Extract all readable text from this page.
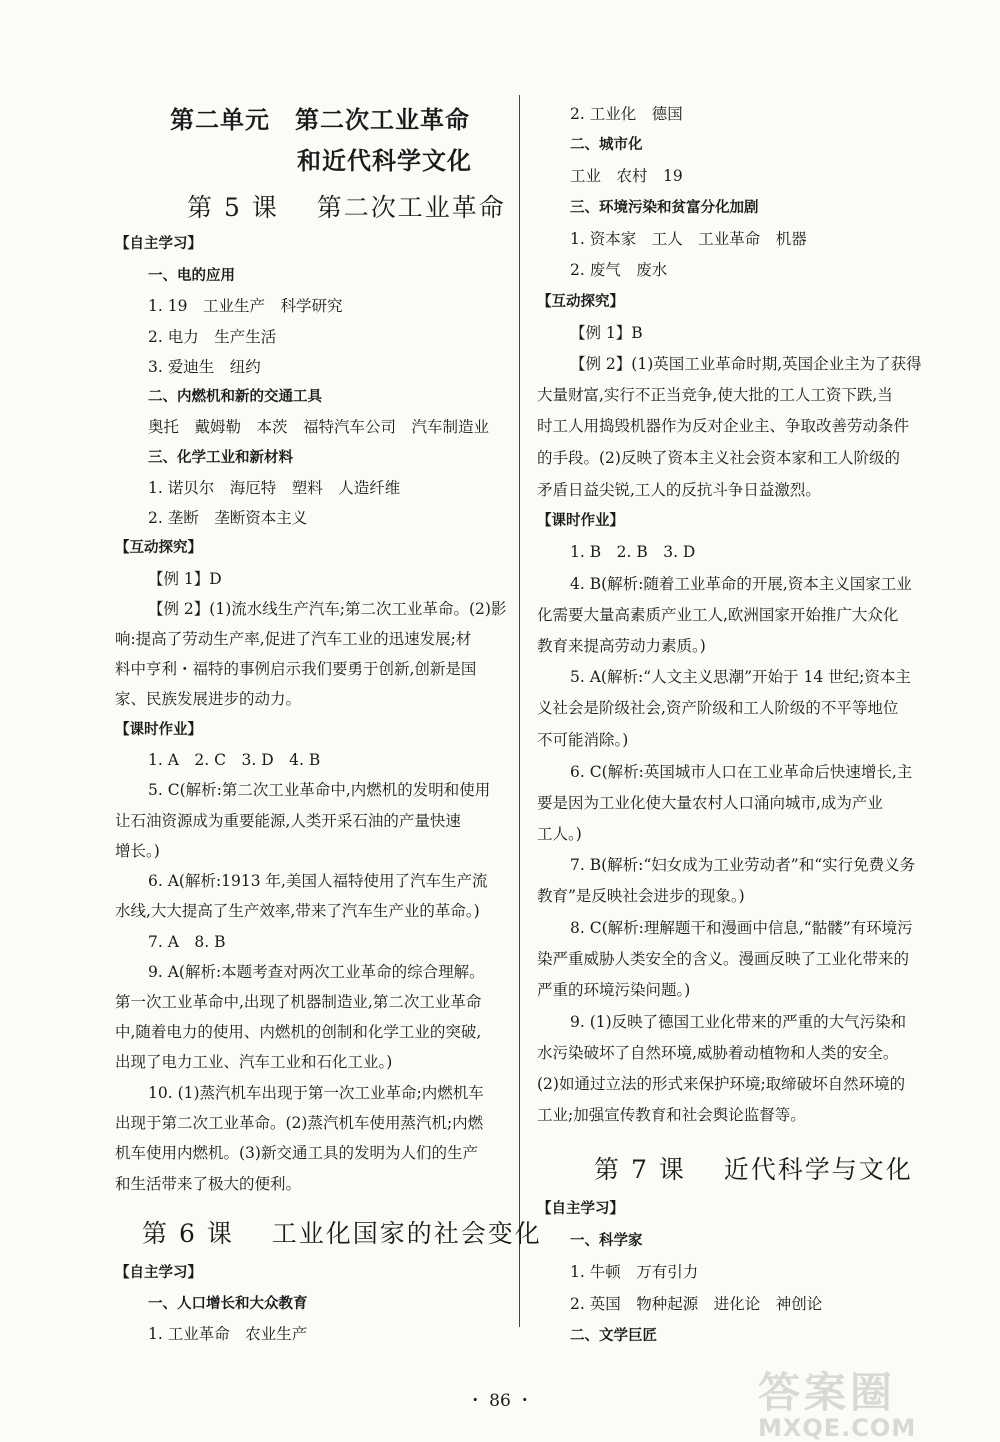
第二单元　第二次工业革命
和近代科学文化
第 5 课 第二次工业革命
第 6 课 工业化国家的社会变化
第 7 课 近代科学与文化
【自主学习】
一、电的应用
1. 19　工业生产　科学研究
2. 电力　生产生活
3. 爱迪生　纽约
二、内燃机和新的交通工具
奥托　戴姆勒　本茨　福特汽车公司　汽车制造业
三、化学工业和新材料
1. 诺贝尔　海厄特　塑料　人造纤维
2. 垄断　垄断资本主义
【互动探究】
【例 1】D
【例 2】(1)流水线生产汽车;第二次工业革命。(2)影
响:提高了劳动生产率,促进了汽车工业的迅速发展;材
料中亨利・福特的事例启示我们要勇于创新,创新是国
家、民族发展进步的动力。
【课时作业】
1. A　2. C　3. D　4. B
5. C(解析:第二次工业革命中,内燃机的发明和使用
让石油资源成为重要能源,人类开采石油的产量快速
增长。)
6. A(解析:1913 年,美国人福特使用了汽车生产流
水线,大大提高了生产效率,带来了汽车生产业的革命。)
7. A　8. B
9. A(解析:本题考查对两次工业革命的综合理解。
第一次工业革命中,出现了机器制造业,第二次工业革命
中,随着电力的使用、内燃机的创制和化学工业的突破,
出现了电力工业、汽车工业和石化工业。)
10. (1)蒸汽机车出现于第一次工业革命;内燃机车
出现于第二次工业革命。(2)蒸汽机车使用蒸汽机;内燃
机车使用内燃机。(3)新交通工具的发明为人们的生产
和生活带来了极大的便利。
【自主学习】
一、人口增长和大众教育
1. 工业革命　农业生产
2. 工业化　德国
二、城市化
工业　农村　19
三、环境污染和贫富分化加剧
1. 资本家　工人　工业革命　机器
2. 废气　废水
【互动探究】
【例 1】B
【例 2】(1)英国工业革命时期,英国企业主为了获得
大量财富,实行不正当竞争,使大批的工人工资下跌,当
时工人用捣毁机器作为反对企业主、争取改善劳动条件
的手段。(2)反映了资本主义社会资本家和工人阶级的
矛盾日益尖锐,工人的反抗斗争日益激烈。
【课时作业】
1. B　2. B　3. D
4. B(解析:随着工业革命的开展,资本主义国家工业
化需要大量高素质产业工人,欧洲国家开始推广大众化
教育来提高劳动力素质。)
5. A(解析:“人文主义思潮”开始于 14 世纪;资本主
义社会是阶级社会,资产阶级和工人阶级的不平等地位
不可能消除。)
6. C(解析:英国城市人口在工业革命后快速增长,主
要是因为工业化使大量农村人口涌向城市,成为产业
工人。)
7. B(解析:“妇女成为工业劳动者”和“实行免费义务
教育”是反映社会进步的现象。)
8. C(解析:理解题干和漫画中信息,“骷髅”有环境污
染严重威胁人类安全的含义。漫画反映了工业化带来的
严重的环境污染问题。)
9. (1)反映了德国工业化带来的严重的大气污染和
水污染破坏了自然环境,威胁着动植物和人类的安全。
(2)如通过立法的形式来保护环境;取缔破坏自然环境的
工业;加强宣传教育和社会舆论监督等。
【自主学习】
一、科学家
1. 牛顿　万有引力
2. 英国　物种起源　进化论　神创论
二、文学巨匠
・ 86 ・	答案圈
MXQE.COM
